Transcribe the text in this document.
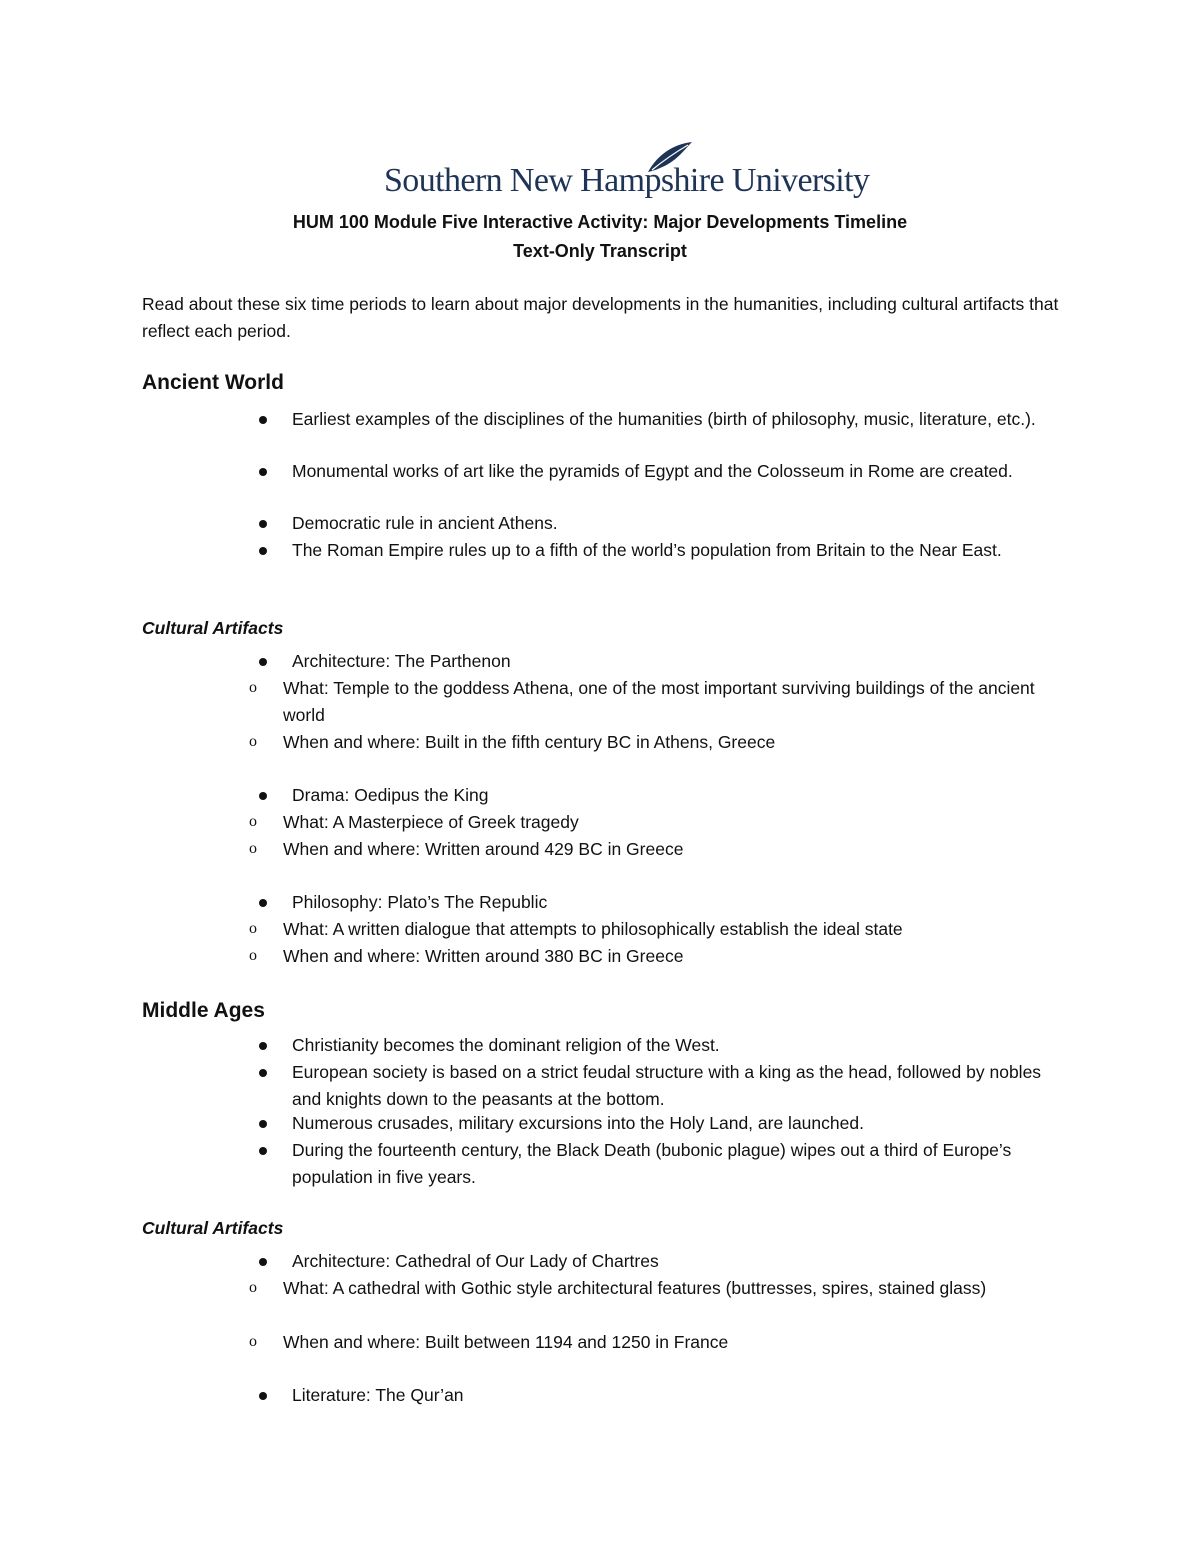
Southern New Hampshire University
HUM 100 Module Five Interactive Activity: Major Developments Timeline
Text-Only Transcript
Read about these six time periods to learn about major developments in the humanities, including cultural artifacts that reflect each period.
Ancient World
Earliest examples of the disciplines of the humanities (birth of philosophy, music, literature, etc.).
Monumental works of art like the pyramids of Egypt and the Colosseum in Rome are created.
Democratic rule in ancient Athens.
The Roman Empire rules up to a fifth of the world’s population from Britain to the Near East.
Cultural Artifacts
Architecture: The Parthenon
o What: Temple to the goddess Athena, one of the most important surviving buildings of the ancient world
o When and where: Built in the fifth century BC in Athens, Greece
Drama: Oedipus the King
o What: A Masterpiece of Greek tragedy
o When and where: Written around 429 BC in Greece
Philosophy: Plato’s The Republic
o What: A written dialogue that attempts to philosophically establish the ideal state
o When and where: Written around 380 BC in Greece
Middle Ages
Christianity becomes the dominant religion of the West.
European society is based on a strict feudal structure with a king as the head, followed by nobles and knights down to the peasants at the bottom.
Numerous crusades, military excursions into the Holy Land, are launched.
During the fourteenth century, the Black Death (bubonic plague) wipes out a third of Europe’s population in five years.
Cultural Artifacts
Architecture: Cathedral of Our Lady of Chartres
o What: A cathedral with Gothic style architectural features (buttresses, spires, stained glass)
o When and where: Built between 1194 and 1250 in France
Literature: The Qur’an
